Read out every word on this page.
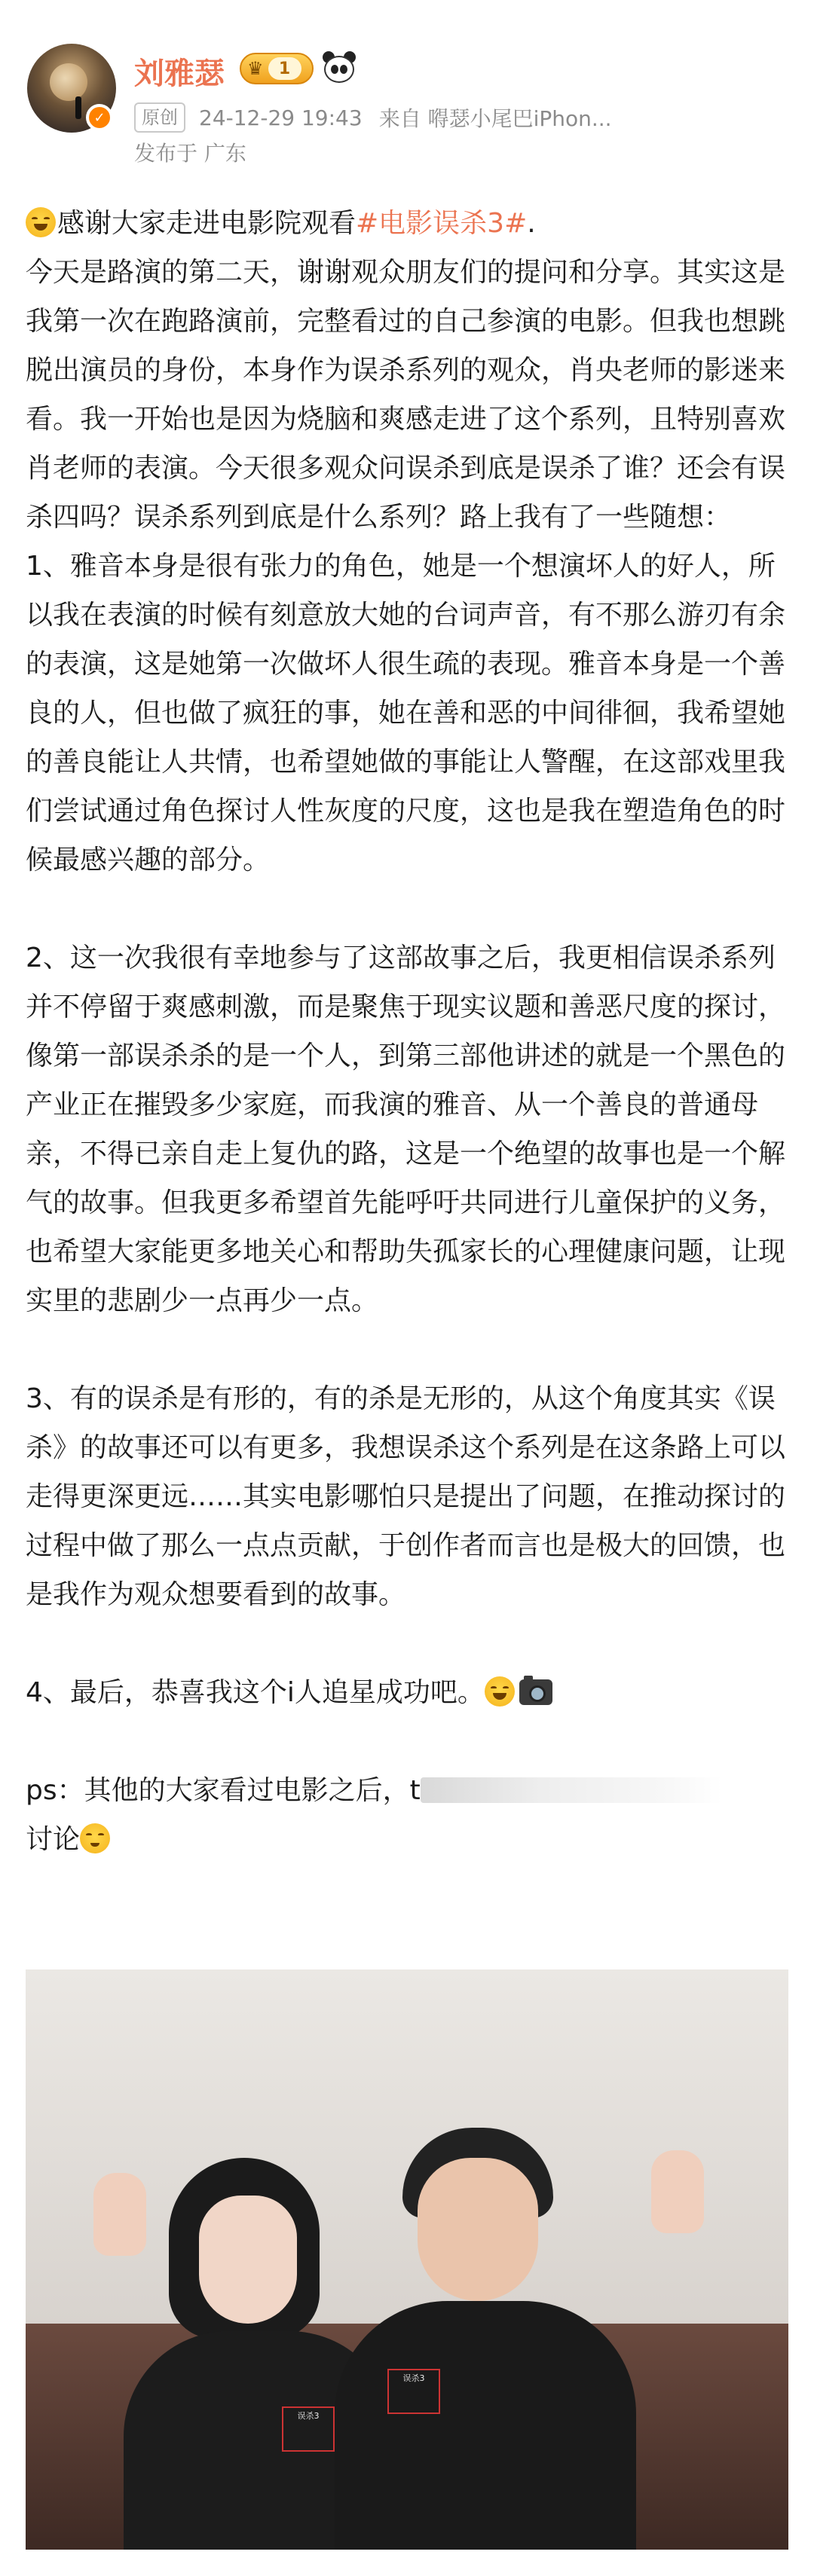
✓
刘雅瑟 ♛ 1
原创	24-12-29 19:43 来自 嘚瑟小尾巴iPhon...
发布于 广东

感谢大家走进电影院观看#电影误杀3#.

今天是路演的第二天，谢谢观众朋友们的提问和分享。其实这是我第一次在跑路演前，完整看过的自己参演的电影。但我也想跳脱出演员的身份，本身作为误杀系列的观众，肖央老师的影迷来看。我一开始也是因为烧脑和爽感走进了这个系列，且特别喜欢肖老师的表演。今天很多观众问误杀到底是误杀了谁？还会有误杀四吗？误杀系列到底是什么系列？路上我有了一些随想：

1、雅音本身是很有张力的角色，她是一个想演坏人的好人，所以我在表演的时候有刻意放大她的台词声音，有不那么游刃有余的表演，这是她第一次做坏人很生疏的表现。雅音本身是一个善良的人，但也做了疯狂的事，她在善和恶的中间徘徊，我希望她的善良能让人共情，也希望她做的事能让人警醒，在这部戏里我们尝试通过角色探讨人性灰度的尺度，这也是我在塑造角色的时候最感兴趣的部分。

2、这一次我很有幸地参与了这部故事之后，我更相信误杀系列并不停留于爽感刺激，而是聚焦于现实议题和善恶尺度的探讨，像第一部误杀杀的是一个人，到第三部他讲述的就是一个黑色的产业正在摧毁多少家庭，而我演的雅音、从一个善良的普通母亲，不得已亲自走上复仇的路，这是一个绝望的故事也是一个解气的故事。但我更多希望首先能呼吁共同进行儿童保护的义务，也希望大家能更多地关心和帮助失孤家长的心理健康问题，让现实里的悲剧少一点再少一点。

3、有的误杀是有形的，有的杀是无形的，从这个角度其实《误杀》的故事还可以有更多，我想误杀这个系列是在这条路上可以走得更深更远……其实电影哪怕只是提出了问题，在推动探讨的过程中做了那么一点点贡献，于创作者而言也是极大的回馈，也是我作为观众想要看到的故事。

4、最后，恭喜我这个i人追星成功吧。

ps：其他的大家看过电影之后，t

讨论

误杀3
误杀3
